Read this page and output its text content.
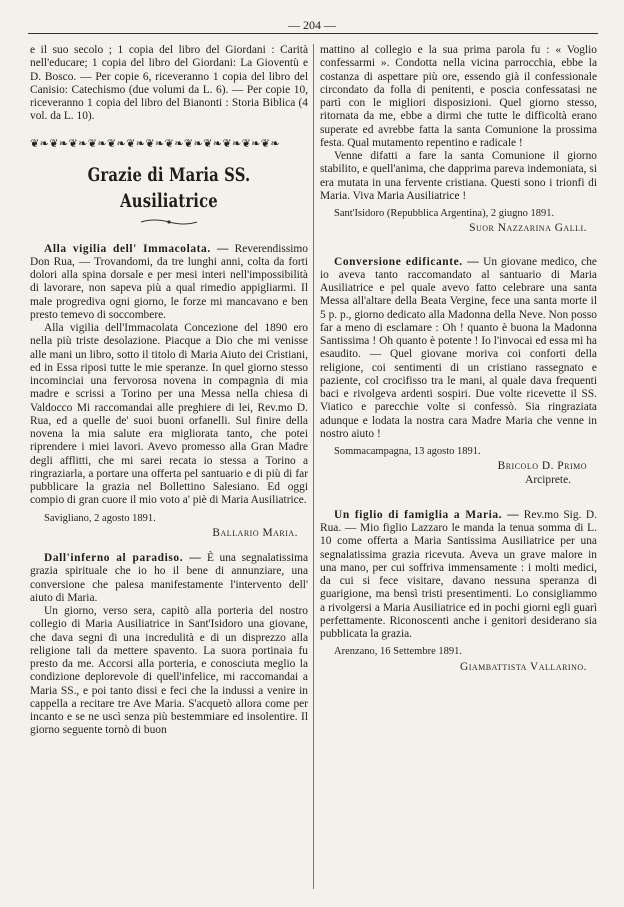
— 204 —

e il suo secolo ; 1 copia del libro del Giordani : Carità nell'educare; 1 copia del libro del Giordani: La Gioventù e D. Bosco. — Per copie 6, riceveranno 1 copia del libro del Canisio: Catechismo (due volumi da L. 6). — Per copie 10, riceveranno 1 copia del libro del Bianonti : Storia Biblica (4 vol. da L. 10).

❦❧❦❧❦❧❦❧❦❧❦❧❦❧❦❧❦❧❦❧❦❧❦❧❦❧
Grazie di Maria SS. Ausiliatrice

Alla vigilia dell' Immacolata. — Reverendissimo Don Rua, — Trovandomi, da tre lunghi anni, colta da forti dolori alla spina dorsale e per mesi interi nell'impossibilità di lavorare, non sapeva più a qual rimedio appigliarmi. Il male progrediva ogni giorno, le forze mi mancavano e ben presto temevo di soccombere.

Alla vigilia dell'Immacolata Concezione del 1890 ero nella più triste desolazione. Piacque a Dio che mi venisse alle mani un libro, sotto il titolo di Maria Aiuto dei Cristiani, ed in Essa riposi tutte le mie speranze. In quel giorno stesso incominciai una fervorosa novena in compagnia di mia madre e scrissi a Torino per una Messa nella chiesa di Valdocco Mi raccomandai alle preghiere di lei, Rev.mo D. Rua, ed a quelle de' suoi buoni orfanelli. Sul finire della novena la mia salute era migliorata tanto, che potei riprendere i miei lavori. Avevo promesso alla Gran Madre degli afflitti, che mi sarei recata io stessa a Torino a ringraziarla, a portare una offerta pel santuario e di più di far pubblicare la grazia nel Bollettino Salesiano. Ed oggi compio di gran cuore il mio voto a' piè di Maria Ausiliatrice.

Savigliano, 2 agosto 1891.

Ballario Maria.

Dall'inferno al paradiso. — È una segnalatissima grazia spirituale che io ho il bene di annunziare, una conversione che palesa manifestamente l'intervento dell' aiuto di Maria.

Un giorno, verso sera, capitò alla porteria del nostro collegio di Maria Ausiliatrice in Sant'Isidoro una giovane, che dava segni di una incredulità e di un disprezzo alla religione tali da mettere spavento. La suora portinaia fu presto da me. Accorsi alla porteria, e conosciuta meglio la condizione deplorevole di quell'infelice, mi raccomandai a Maria SS., e poi tanto dissi e feci che la indussi a venire in cappella a recitare tre Ave Maria. S'acquetò allora come per incanto e se ne uscì senza più bestemmiare ed insolentire. Il giorno seguente tornò di buon

mattino al collegio e la sua prima parola fu : « Voglio confessarmi ». Condotta nella vicina parrocchia, ebbe la costanza di aspettare più ore, essendo già il confessionale circondato da folla di penitenti, e poscia confessatasi ne partì con le migliori disposizioni. Quel giorno stesso, ritornata da me, ebbe a dirmi che tutte le difficoltà erano superate ed avrebbe fatta la santa Comunione la prossima festa. Qual mutamento repentino e radicale !

Venne difatti a fare la santa Comunione il giorno stabilito, e quell'anima, che dapprima pareva indemoniata, si era mutata in una fervente cristiana. Questi sono i trionfi di Maria. Viva Maria Ausiliatrice !

Sant'Isidoro (Repubblica Argentina), 2 giugno 1891.

Suor Nazzarina Galli.

Conversione edificante. — Un giovane medico, che io aveva tanto raccomandato al santuario di Maria Ausiliatrice e pel quale avevo fatto celebrare una santa Messa all'altare della Beata Vergine, fece una santa morte il 5 p. p., giorno dedicato alla Madonna della Neve. Non posso far a meno di esclamare : Oh ! quanto è buona la Madonna Santissima ! Oh quanto è potente ! Io l'invocai ed essa mi ha esaudito. — Quel giovane moriva coi conforti della religione, coi sentimenti di un cristiano rassegnato e paziente, col crocifisso tra le mani, al quale dava frequenti baci e rivolgeva ardenti sospiri. Due volte ricevette il SS. Viatico e parecchie volte si confessò. Sia ringraziata adunque e lodata la nostra cara Madre Maria che venne in nostro aiuto !

Sommacampagna, 13 agosto 1891.

Bricolo D. Primo

Arciprete.

Un figlio di famiglia a Maria. — Rev.mo Sig. D. Rua. — Mio figlio Lazzaro le manda la tenua somma di L. 10 come offerta a Maria Santissima Ausiliatrice per una segnalatissima grazia ricevuta. Aveva un grave malore in una mano, per cui soffriva immensamente : i molti medici, da cui si fece visitare, davano nessuna speranza di guarigione, ma bensì tristi presentimenti. Lo consigliammo a rivolgersi a Maria Ausiliatrice ed in pochi giorni egli guarì perfettamente. Riconoscenti anche i genitori desiderano sia pubblicata la grazia.

Arenzano, 16 Settembre 1891.

Giambattista Vallarino.
